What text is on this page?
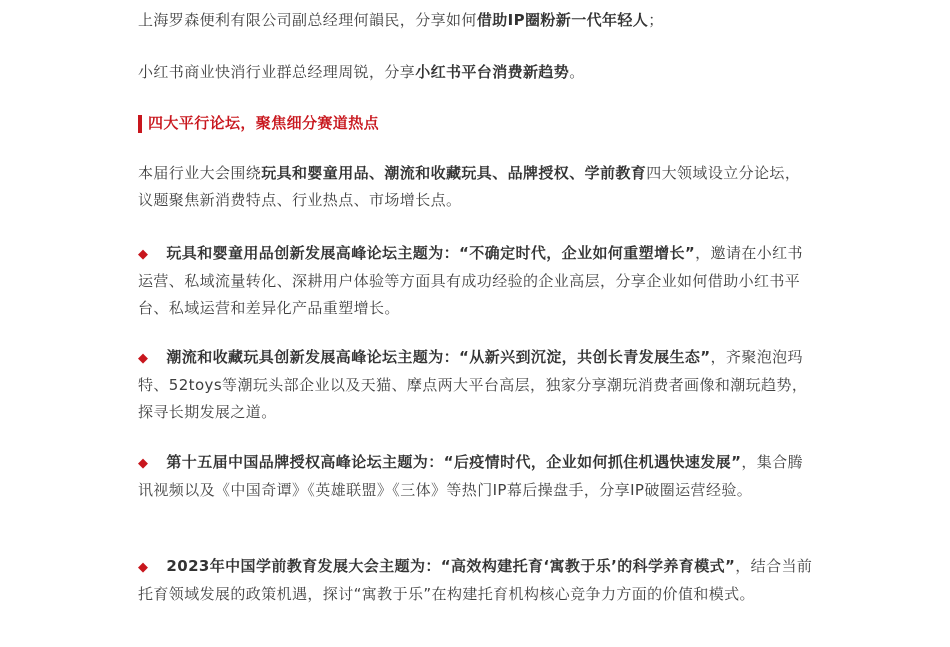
上海罗森便利有限公司副总经理何韻民，分享如何借助IP圈粉新一代年轻人；

小红书商业快消行业群总经理周锐，分享小红书平台消费新趋势。

四大平行论坛，聚焦细分赛道热点

本届行业大会围绕玩具和婴童用品、潮流和收藏玩具、品牌授权、学前教育四大领域设立分论坛，议题聚焦新消费特点、行业热点、市场增长点。

◆ 玩具和婴童用品创新发展高峰论坛主题为：“不确定时代，企业如何重塑增长”，邀请在小红书运营、私域流量转化、深耕用户体验等方面具有成功经验的企业高层，分享企业如何借助小红书平台、私域运营和差异化产品重塑增长。

◆ 潮流和收藏玩具创新发展高峰论坛主题为：“从新兴到沉淀，共创长青发展生态”，齐聚泡泡玛特、52toys等潮玩头部企业以及天猫、摩点两大平台高层，独家分享潮玩消费者画像和潮玩趋势，探寻长期发展之道。

◆ 第十五届中国品牌授权高峰论坛主题为：“后疫情时代，企业如何抓住机遇快速发展”，集合腾讯视频以及《中国奇谭》《英雄联盟》《三体》等热门IP幕后操盘手，分享IP破圈运营经验。

◆ 2023年中国学前教育发展大会主题为：“高效构建托育‘寓教于乐’的科学养育模式”，结合当前托育领域发展的政策机遇，探讨“寓教于乐”在构建托育机构核心竞争力方面的价值和模式。
